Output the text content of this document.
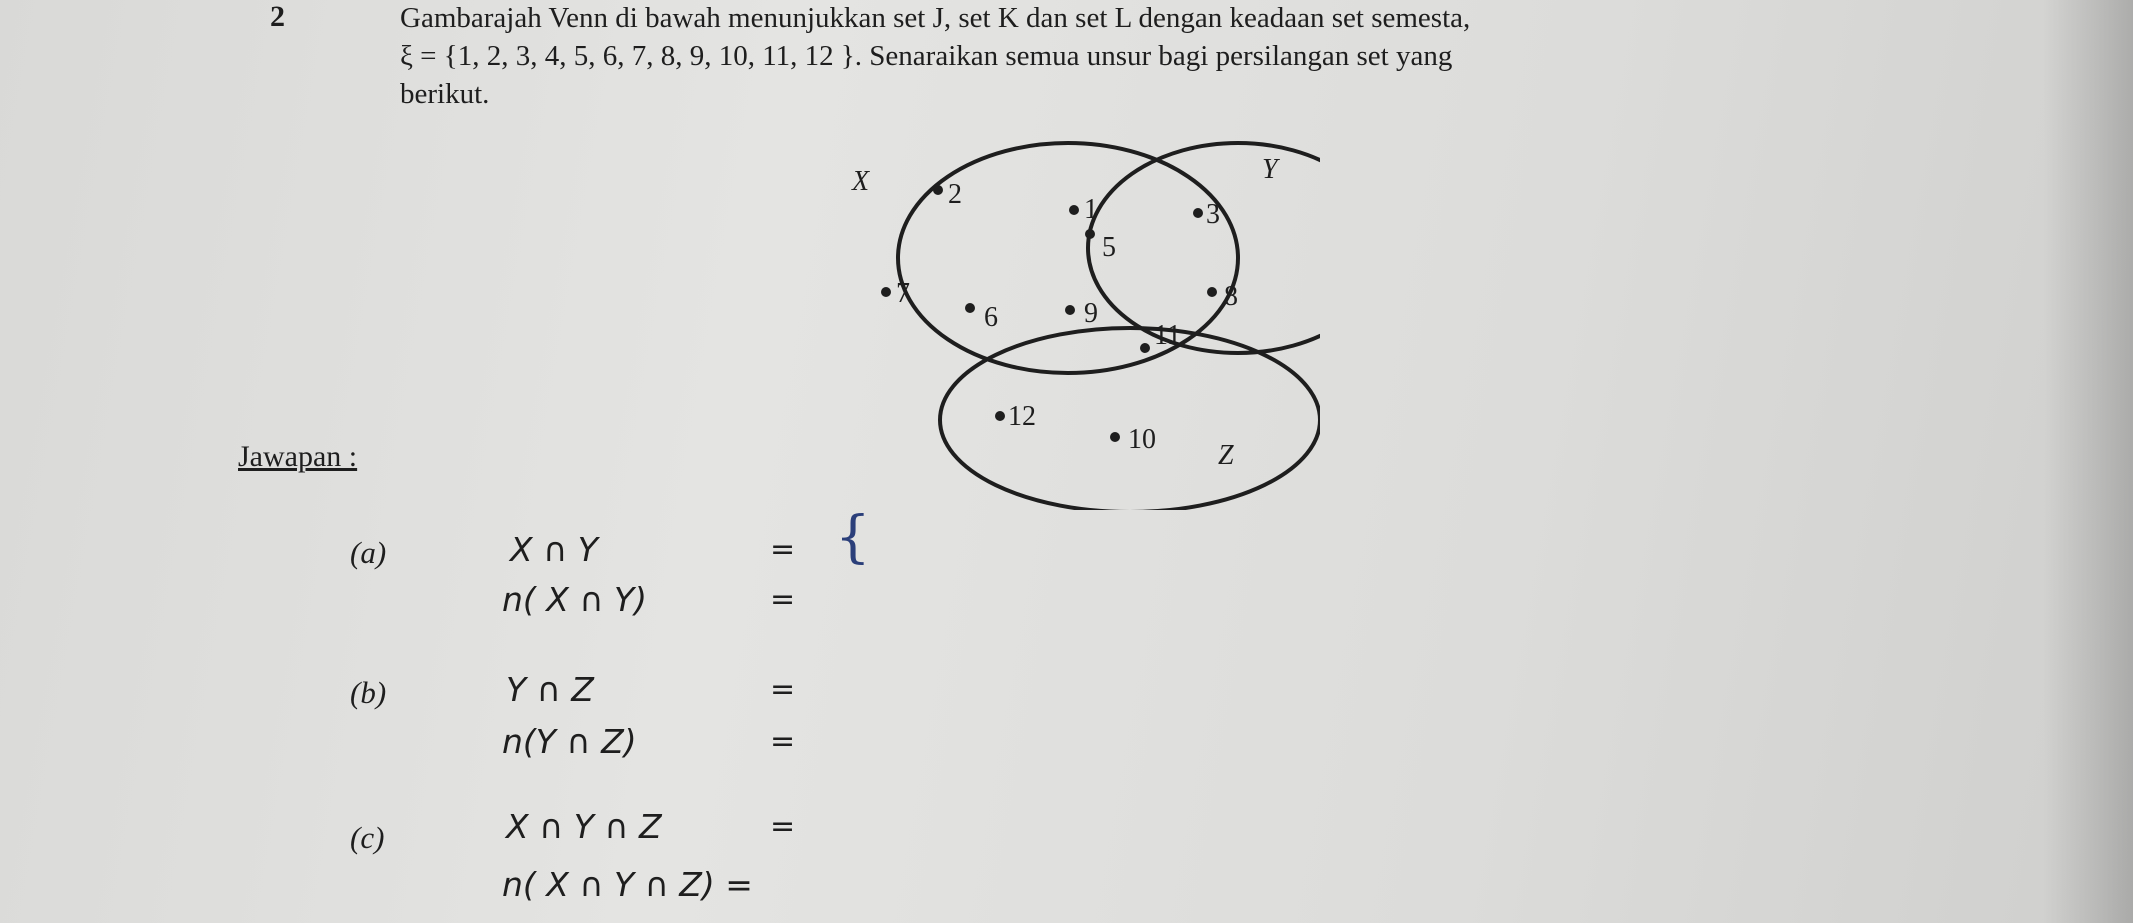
2	Gambarajah Venn di bawah menunjukkan set J, set K dan set L dengan keadaan set semesta,
ξ = {1, 2, 3, 4, 5, 6, 7, 8, 9, 10, 11, 12 }. Senaraikan semua unsur bagi persilangan set yang
berikut.
X	Y
Z
2	1	3
5
7
6	9
8
11
12
10
Jawapan :
(a)	X ∩ Y	= {
n( X ∩ Y)	=
(b)	Y ∩ Z	=
n(Y ∩ Z)	=
(c)	X ∩ Y ∩ Z	=
n( X ∩ Y ∩ Z) =
